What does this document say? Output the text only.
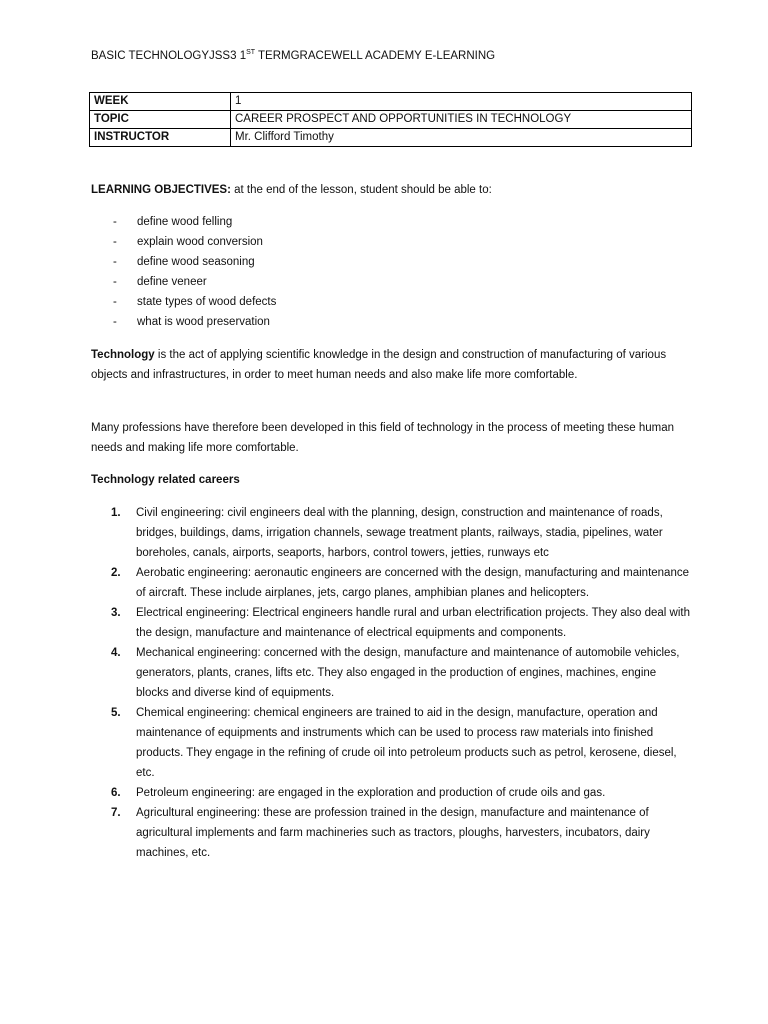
BASIC TECHNOLOGYJSS3 1ST TERMGRACEWELL ACADEMY E-LEARNING
WEEK	1
TOPIC	CAREER PROSPECT AND OPPORTUNITIES IN TECHNOLOGY
INSTRUCTOR	Mr. Clifford Timothy
LEARNING OBJECTIVES: at the end of the lesson, student should be able to:
- define wood felling
- explain wood conversion
- define wood seasoning
- define veneer
- state types of wood defects
- what is wood preservation
Technology is the act of applying scientific knowledge in the design and construction of manufacturing of various objects and infrastructures, in order to meet human needs and also make life more comfortable.
Many professions have therefore been developed in this field of technology in the process of meeting these human needs and making life more comfortable.
Technology related careers
1. Civil engineering: civil engineers deal with the planning, design, construction and maintenance of roads, bridges, buildings, dams, irrigation channels, sewage treatment plants, railways, stadia, pipelines, water boreholes, canals, airports, seaports, harbors, control towers, jetties, runways etc
2. Aerobatic engineering: aeronautic engineers are concerned with the design, manufacturing and maintenance of aircraft. These include airplanes, jets, cargo planes, amphibian planes and helicopters.
3. Electrical engineering: Electrical engineers handle rural and urban electrification projects. They also deal with the design, manufacture and maintenance of electrical equipments and components.
4. Mechanical engineering: concerned with the design, manufacture and maintenance of automobile vehicles, generators, plants, cranes, lifts etc. They also engaged in the production of engines, machines, engine blocks and diverse kind of equipments.
5. Chemical engineering: chemical engineers are trained to aid in the design, manufacture, operation and maintenance of equipments and instruments which can be used to process raw materials into finished products. They engage in the refining of crude oil into petroleum products such as petrol, kerosene, diesel, etc.
6. Petroleum engineering: are engaged in the exploration and production of crude oils and gas.
7. Agricultural engineering: these are profession trained in the design, manufacture and maintenance of agricultural implements and farm machineries such as tractors, ploughs, harvesters, incubators, dairy machines, etc.
